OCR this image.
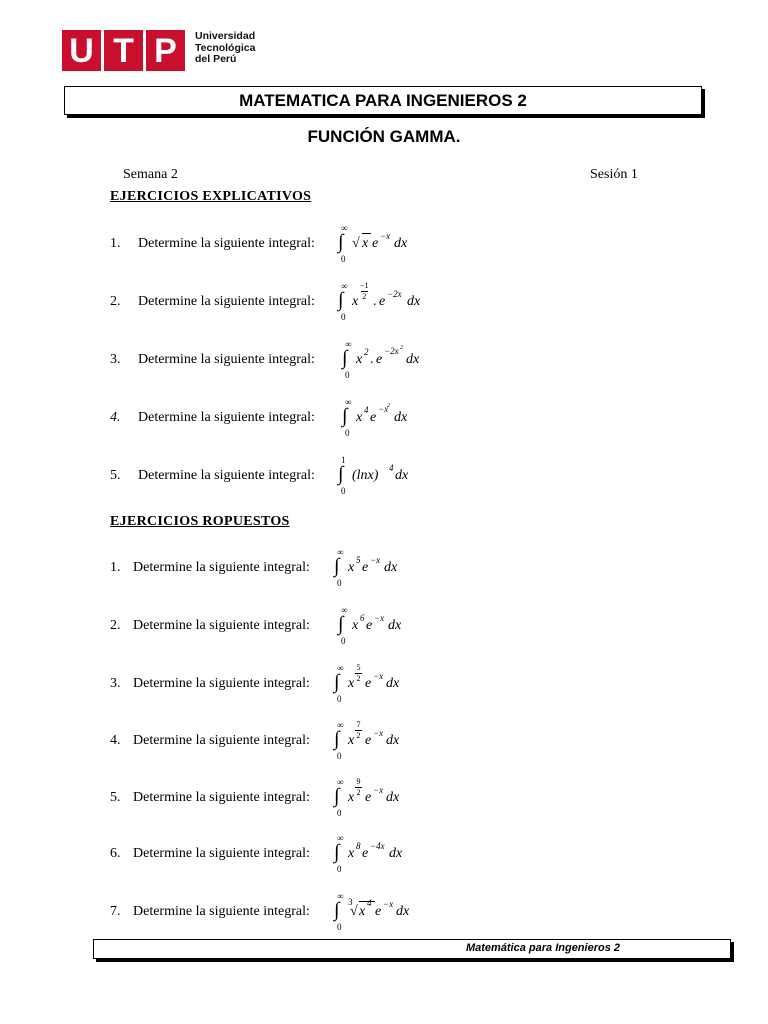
U T P	Universidad
Tecnológica
del Perú
MATEMATICA PARA INGENIEROS 2
FUNCIÓN GAMMA.
Semana 2	Sesión 1
EJERCICIOS EXPLICATIVOS
1. Determine la siguiente integral:
∞
∫
0
√ x e −x dx
2. Determine la siguiente integral:
∞
∫
0
x
−1
2 . e −2x dx
3. Determine la siguiente integral:
∞
∫
0
x 2 . e
−2x 2
dx
4. Determine la siguiente integral:
∞
∫
0
x 4 e
−x
2
dx
5. Determine la siguiente integral:
1
∫
0
(lnx) 4 dx
EJERCICIOS ROPUESTOS
1. Determine la siguiente integral:
∞
∫
0
x 5 e −x dx
2. Determine la siguiente integral:
∞
∫
0
x 6 e −x dx
3. Determine la siguiente integral:
∞
∫
0
x
5
2 e −x dx
4. Determine la siguiente integral:
∞
∫
0
x
7
2 e −x dx
5. Determine la siguiente integral:
∞
∫
0
x
9
2 e −x dx
6. Determine la siguiente integral:
∞
∫
0
x 8 e −4x dx
7. Determine la siguiente integral:
∞
∫
0
3
√ x
4
e −x dx
Matemática para Ingenieros 2
